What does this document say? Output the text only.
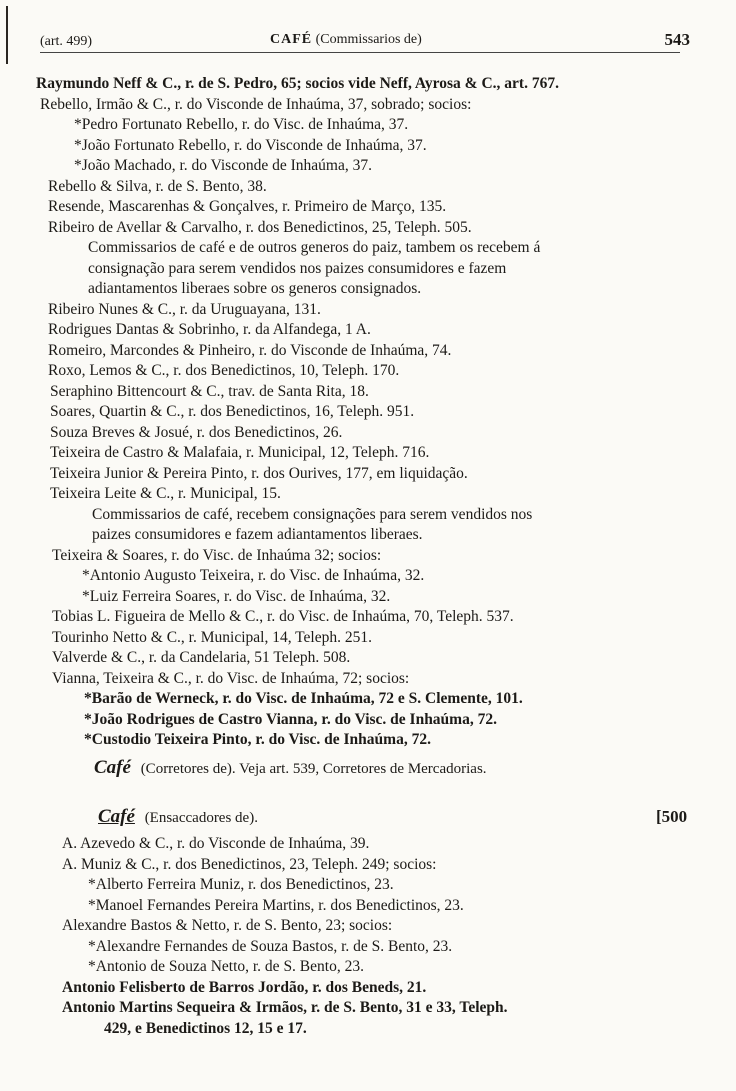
(art. 499)	CAFÉ (Commissarios de)	543
Raymundo Neff & C., r. de S. Pedro, 65; socios vide Neff, Ayrosa & C., art. 767.
Rebello, Irmão & C., r. do Visconde de Inhaúma, 37, sobrado; socios:
*Pedro Fortunato Rebello, r. do Visc. de Inhaúma, 37.
*João Fortunato Rebello, r. do Visconde de Inhaúma, 37.
*João Machado, r. do Visconde de Inhaúma, 37.
Rebello & Silva, r. de S. Bento, 38.
Resende, Mascarenhas & Gonçalves, r. Primeiro de Março, 135.
Ribeiro de Avellar & Carvalho, r. dos Benedictinos, 25, Teleph. 505.
Commissarios de café e de outros generos do paiz, tambem os recebem á
consignação para serem vendidos nos paizes consumidores e fazem
adiantamentos liberaes sobre os generos consignados.
Ribeiro Nunes & C., r. da Uruguayana, 131.
Rodrigues Dantas & Sobrinho, r. da Alfandega, 1 A.
Romeiro, Marcondes & Pinheiro, r. do Visconde de Inhaúma, 74.
Roxo, Lemos & C., r. dos Benedictinos, 10, Teleph. 170.
Seraphino Bittencourt & C., trav. de Santa Rita, 18.
Soares, Quartin & C., r. dos Benedictinos, 16, Teleph. 951.
Souza Breves & Josué, r. dos Benedictinos, 26.
Teixeira de Castro & Malafaia, r. Municipal, 12, Teleph. 716.
Teixeira Junior & Pereira Pinto, r. dos Ourives, 177, em liquidação.
Teixeira Leite & C., r. Municipal, 15.
Commissarios de café, recebem consignações para serem vendidos nos
paizes consumidores e fazem adiantamentos liberaes.
Teixeira & Soares, r. do Visc. de Inhaúma 32; socios:
*Antonio Augusto Teixeira, r. do Visc. de Inhaúma, 32.
*Luiz Ferreira Soares, r. do Visc. de Inhaúma, 32.
Tobias L. Figueira de Mello & C., r. do Visc. de Inhaúma, 70, Teleph. 537.
Tourinho Netto & C., r. Municipal, 14, Teleph. 251.
Valverde & C., r. da Candelaria, 51 Teleph. 508.
Vianna, Teixeira & C., r. do Visc. de Inhaúma, 72; socios:
*Barão de Werneck, r. do Visc. de Inhaúma, 72 e S. Clemente, 101.
*João Rodrigues de Castro Vianna, r. do Visc. de Inhaúma, 72.
*Custodio Teixeira Pinto, r. do Visc. de Inhaúma, 72.
Café (Corretores de). Veja art. 539, Corretores de Mercadorias.
Café (Ensaccadores de).	[500
A. Azevedo & C., r. do Visconde de Inhaúma, 39.
A. Muniz & C., r. dos Benedictinos, 23, Teleph. 249; socios:
*Alberto Ferreira Muniz, r. dos Benedictinos, 23.
*Manoel Fernandes Pereira Martins, r. dos Benedictinos, 23.
Alexandre Bastos & Netto, r. de S. Bento, 23; socios:
*Alexandre Fernandes de Souza Bastos, r. de S. Bento, 23.
*Antonio de Souza Netto, r. de S. Bento, 23.
Antonio Felisberto de Barros Jordão, r. dos Beneds, 21.
Antonio Martins Sequeira & Irmãos, r. de S. Bento, 31 e 33, Teleph.
429, e Benedictinos 12, 15 e 17.
